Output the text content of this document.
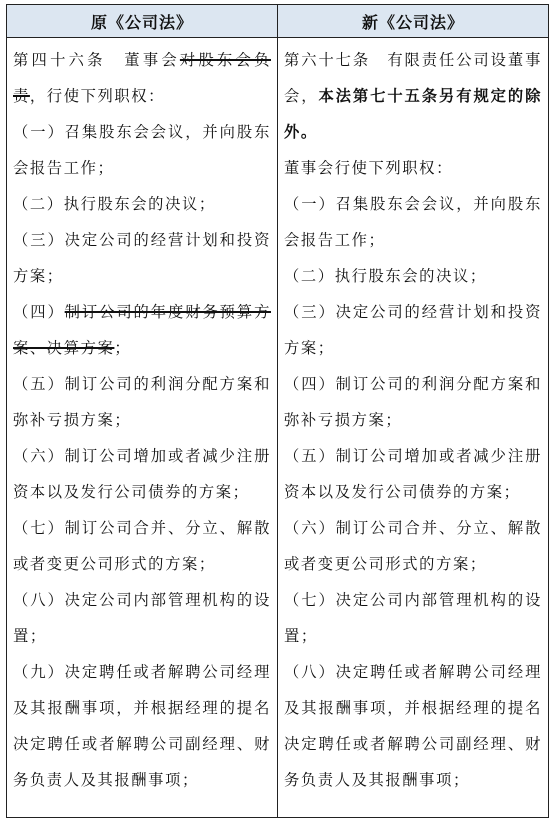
原《公司法》	新《公司法》

第四十六条　董事会对股东会负责，行使下列职权：

（一）召集股东会会议，并向股东会报告工作；

（二）执行股东会的决议；

（三）决定公司的经营计划和投资方案；

（四）制订公司的年度财务预算方案、决算方案；

（五）制订公司的利润分配方案和弥补亏损方案；

（六）制订公司增加或者减少注册资本以及发行公司债券的方案；

（七）制订公司合并、分立、解散或者变更公司形式的方案；

（八）决定公司内部管理机构的设置；

（九）决定聘任或者解聘公司经理及其报酬事项，并根据经理的提名决定聘任或者解聘公司副经理、财务负责人及其报酬事项；

第六十七条　有限责任公司设董事会，本法第七十五条另有规定的除外。

董事会行使下列职权：

（一）召集股东会会议，并向股东会报告工作；

（二）执行股东会的决议；

（三）决定公司的经营计划和投资方案；

（四）制订公司的利润分配方案和弥补亏损方案；

（五）制订公司增加或者减少注册资本以及发行公司债券的方案；

（六）制订公司合并、分立、解散或者变更公司形式的方案；

（七）决定公司内部管理机构的设置；

（八）决定聘任或者解聘公司经理及其报酬事项，并根据经理的提名决定聘任或者解聘公司副经理、财务负责人及其报酬事项；
